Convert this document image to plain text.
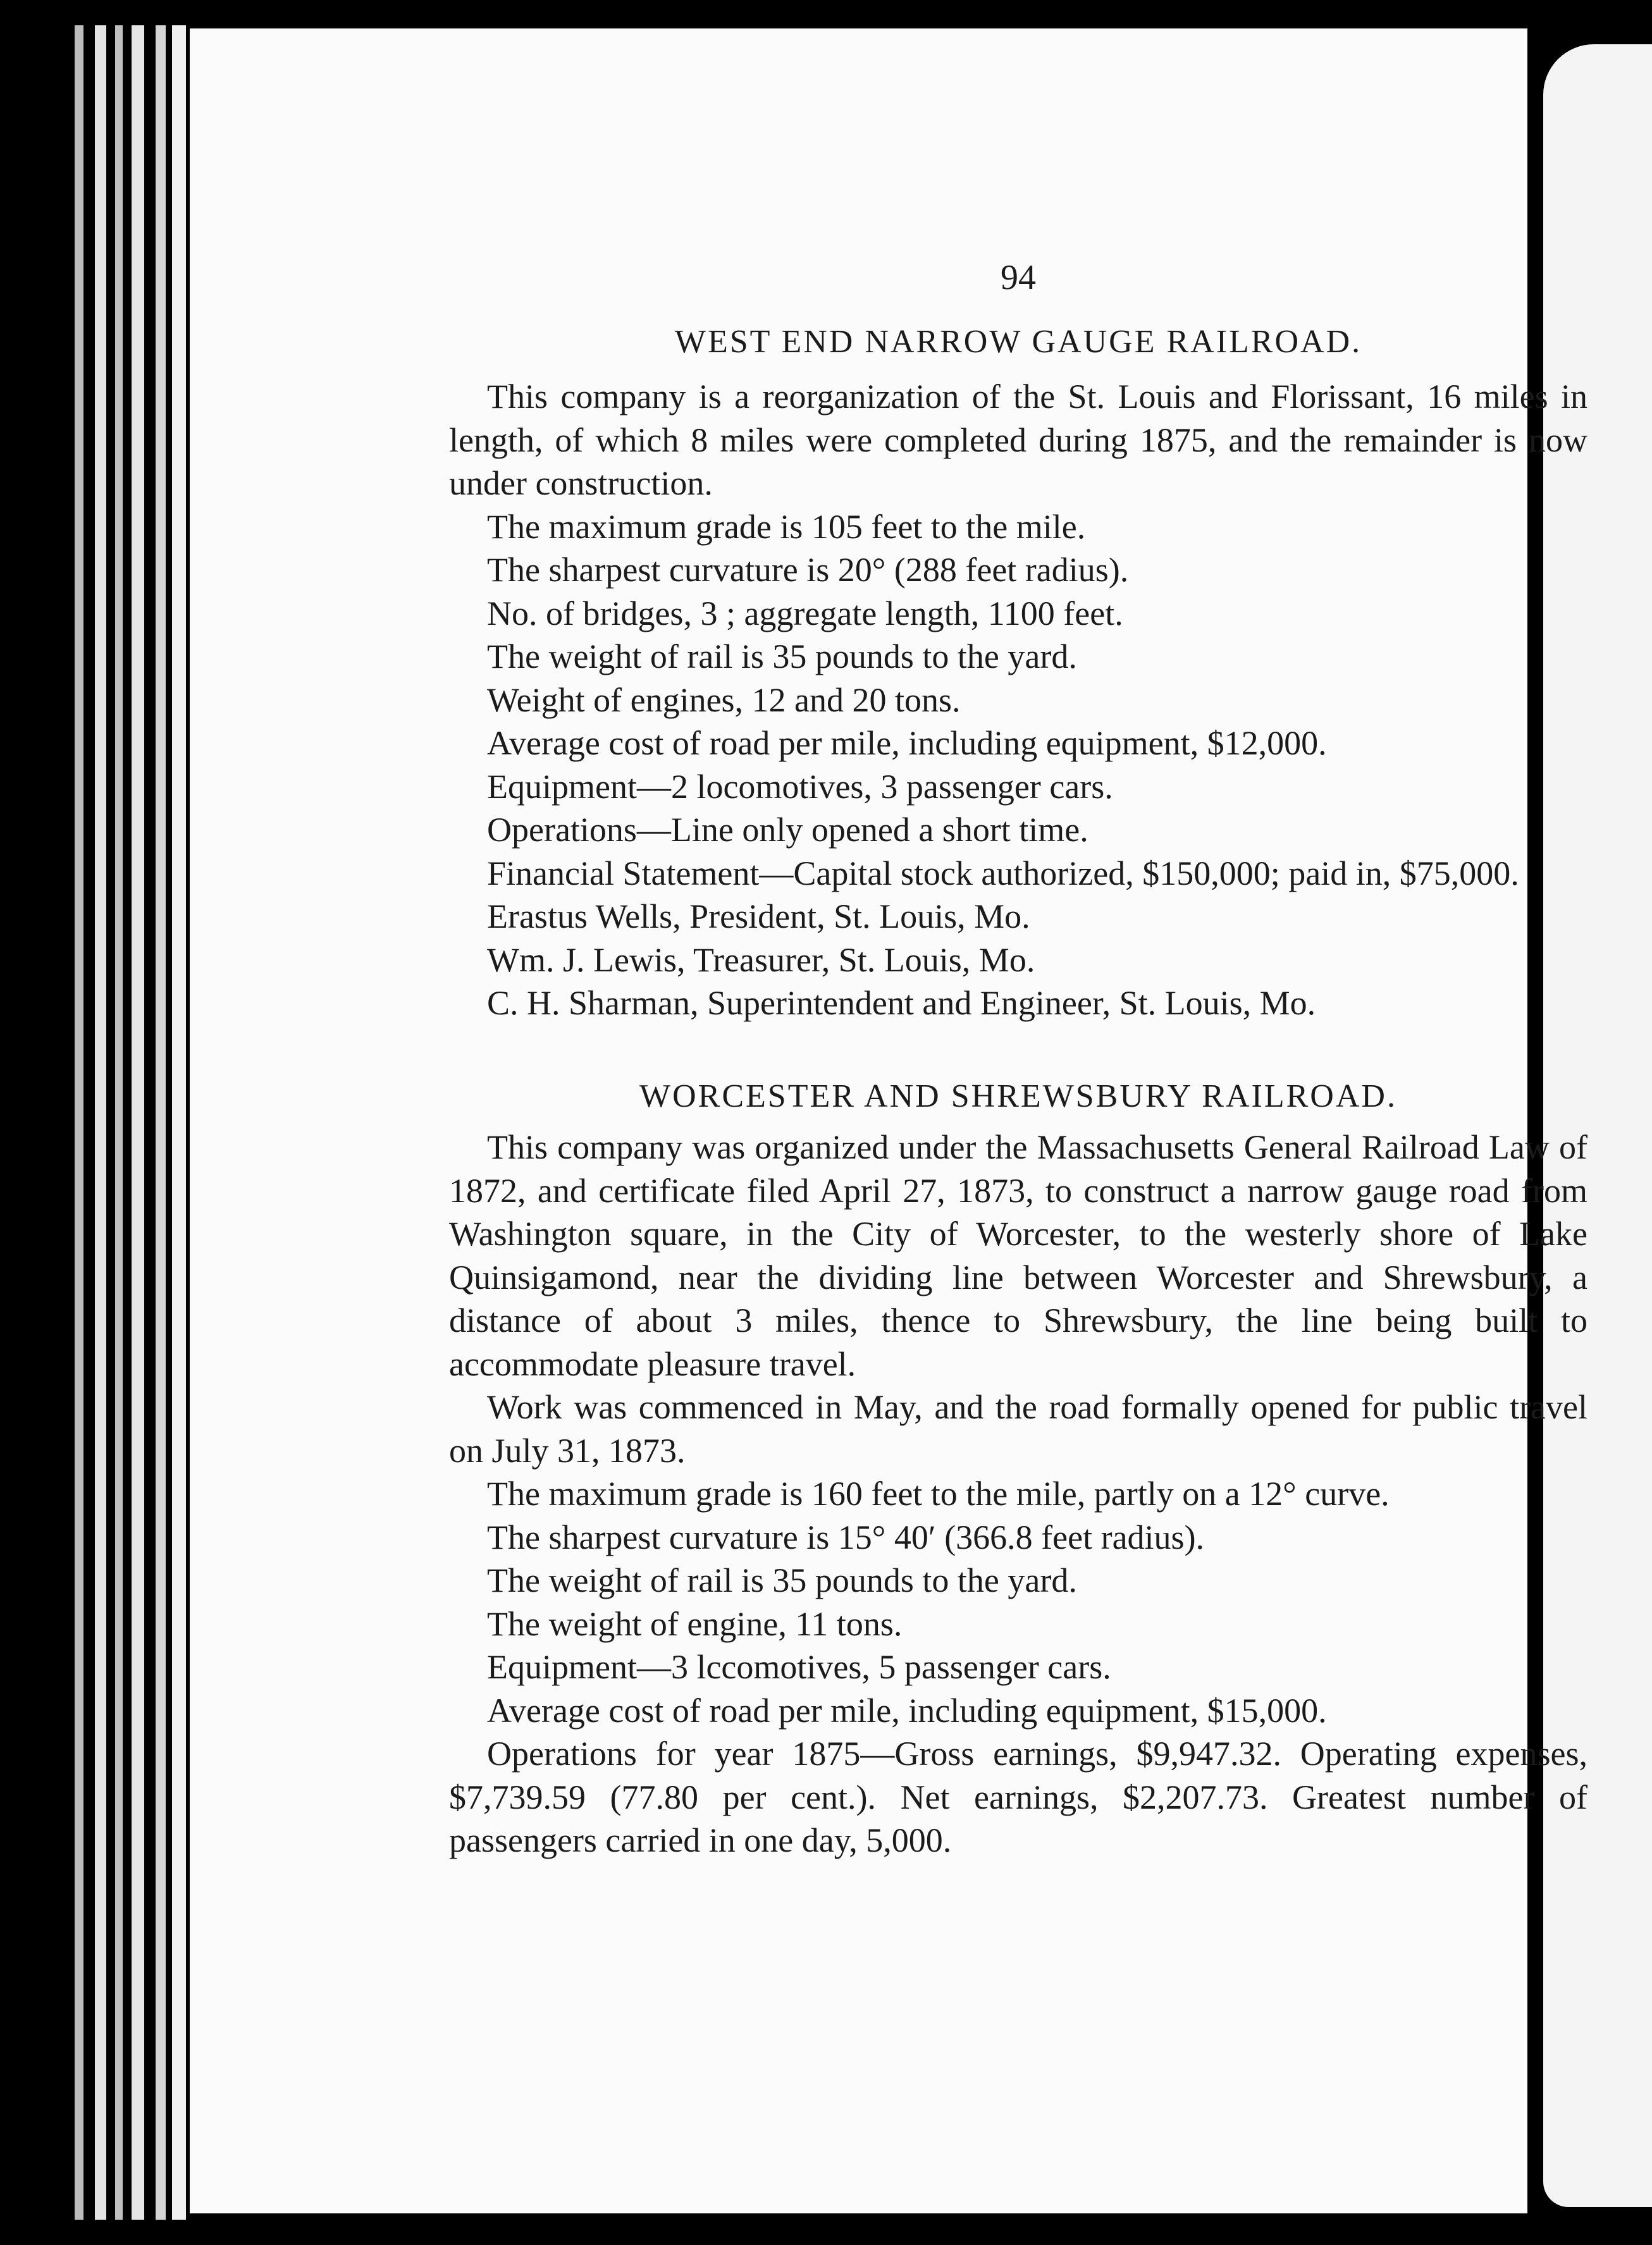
94
WEST END NARROW GAUGE RAILROAD.

This company is a reorganization of the St. Louis and Florissant, 16 miles in length, of which 8 miles were completed during 1875, and the remainder is now under construction.

The maximum grade is 105 feet to the mile.

The sharpest curvature is 20° (288 feet radius).

No. of bridges, 3 ; aggregate length, 1100 feet.

The weight of rail is 35 pounds to the yard.

Weight of engines, 12 and 20 tons.

Average cost of road per mile, including equipment, $12,000.

Equipment—2 locomotives, 3 passenger cars.

Operations—Line only opened a short time.

Financial Statement—Capital stock authorized, $150,000; paid in, $75,000.

Erastus Wells, President, St. Louis, Mo.

Wm. J. Lewis, Treasurer, St. Louis, Mo.

C. H. Sharman, Superintendent and Engineer, St. Louis, Mo.

WORCESTER AND SHREWSBURY RAILROAD.

This company was organized under the Massachusetts General Railroad Law of 1872, and certificate filed April 27, 1873, to construct a narrow gauge road from Washington square, in the City of Worcester, to the westerly shore of Lake Quinsigamond, near the dividing line between Worcester and Shrewsbury, a distance of about 3 miles, thence to Shrewsbury, the line being built to accommodate pleasure travel.

Work was commenced in May, and the road formally opened for public travel on July 31, 1873.

The maximum grade is 160 feet to the mile, partly on a 12° curve.

The sharpest curvature is 15° 40′ (366.8 feet radius).

The weight of rail is 35 pounds to the yard.

The weight of engine, 11 tons.

Equipment—3 lccomotives, 5 passenger cars.

Average cost of road per mile, including equipment, $15,000.

Operations for year 1875—Gross earnings, $9,947.32. Operating expenses, $7,739.59 (77.80 per cent.). Net earnings, $2,207.73. Greatest number of passengers carried in one day, 5,000.
